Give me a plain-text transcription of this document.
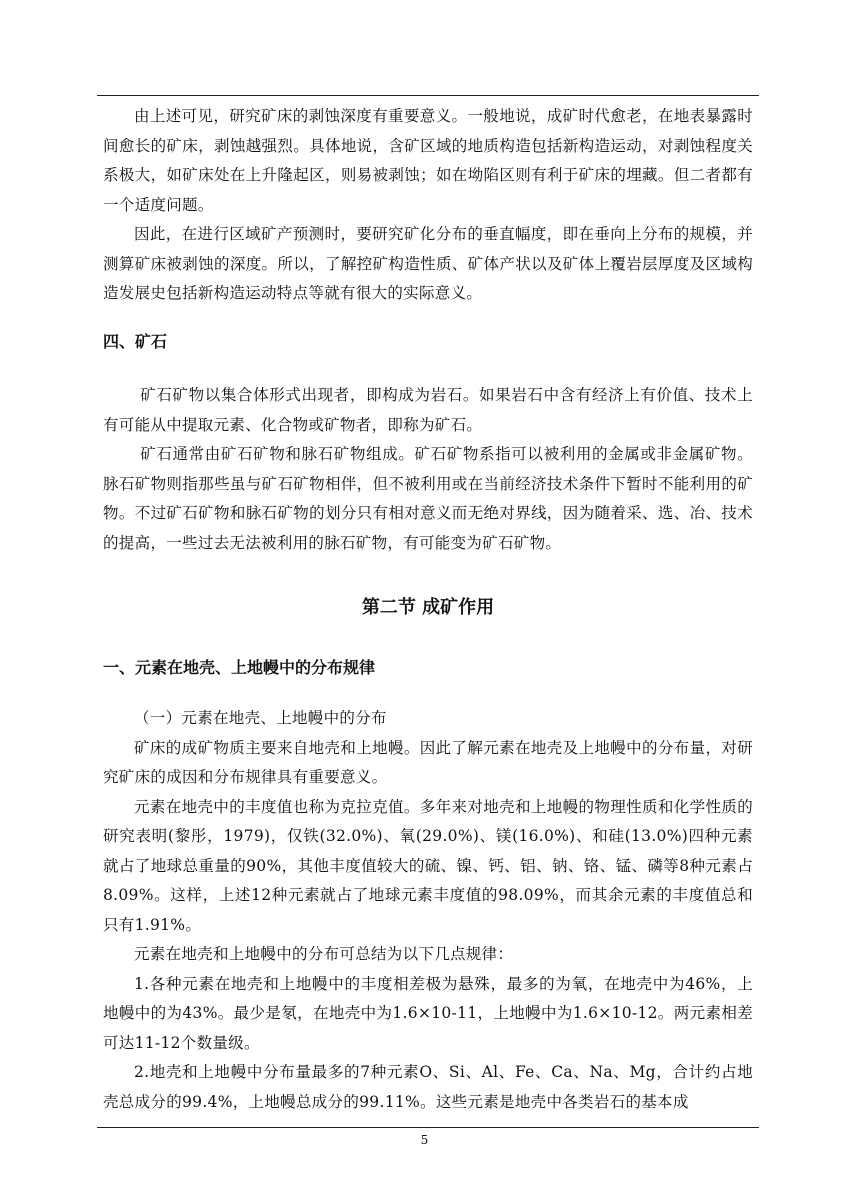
由上述可见，研究矿床的剥蚀深度有重要意义。一般地说，成矿时代愈老，在地表暴露时间愈长的矿床，剥蚀越强烈。具体地说，含矿区域的地质构造包括新构造运动，对剥蚀程度关系极大，如矿床处在上升隆起区，则易被剥蚀；如在坳陷区则有利于矿床的埋藏。但二者都有一个适度问题。

因此，在进行区域矿产预测时，要研究矿化分布的垂直幅度，即在垂向上分布的规模，并测算矿床被剥蚀的深度。所以，了解控矿构造性质、矿体产状以及矿体上覆岩层厚度及区域构造发展史包括新构造运动特点等就有很大的实际意义。

四、矿石

矿石矿物以集合体形式出现者，即构成为岩石。如果岩石中含有经济上有价值、技术上有可能从中提取元素、化合物或矿物者，即称为矿石。

矿石通常由矿石矿物和脉石矿物组成。矿石矿物系指可以被利用的金属或非金属矿物。脉石矿物则指那些虽与矿石矿物相伴，但不被利用或在当前经济技术条件下暂时不能利用的矿物。不过矿石矿物和脉石矿物的划分只有相对意义而无绝对界线，因为随着采、选、冶、技术的提高，一些过去无法被利用的脉石矿物，有可能变为矿石矿物。

第二节 成矿作用
一、元素在地壳、上地幔中的分布规律

（一）元素在地壳、上地幔中的分布

矿床的成矿物质主要来自地壳和上地幔。因此了解元素在地壳及上地幔中的分布量，对研究矿床的成因和分布规律具有重要意义。

元素在地壳中的丰度值也称为克拉克值。多年来对地壳和上地幔的物理性质和化学性质的研究表明(黎彤，1979)，仅铁(32.0%)、氧(29.0%)、镁(16.0%)、和硅(13.0%)四种元素就占了地球总重量的90%，其他丰度值较大的硫、镍、钙、铝、钠、铬、锰、磷等8种元素占8.09%。这样，上述12种元素就占了地球元素丰度值的98.09%，而其余元素的丰度值总和只有1.91%。

元素在地壳和上地幔中的分布可总结为以下几点规律：

1.各种元素在地壳和上地幔中的丰度相差极为悬殊，最多的为氧，在地壳中为46%，上地幔中的为43%。最少是氡，在地壳中为1.6×10-11，上地幔中为1.6×10-12。两元素相差可达11-12个数量级。

2.地壳和上地幔中分布量最多的7种元素O、Si、Al、Fe、Ca、Na、Mg，合计约占地壳总成分的99.4%，上地幔总成分的99.11%。这些元素是地壳中各类岩石的基本成

5
